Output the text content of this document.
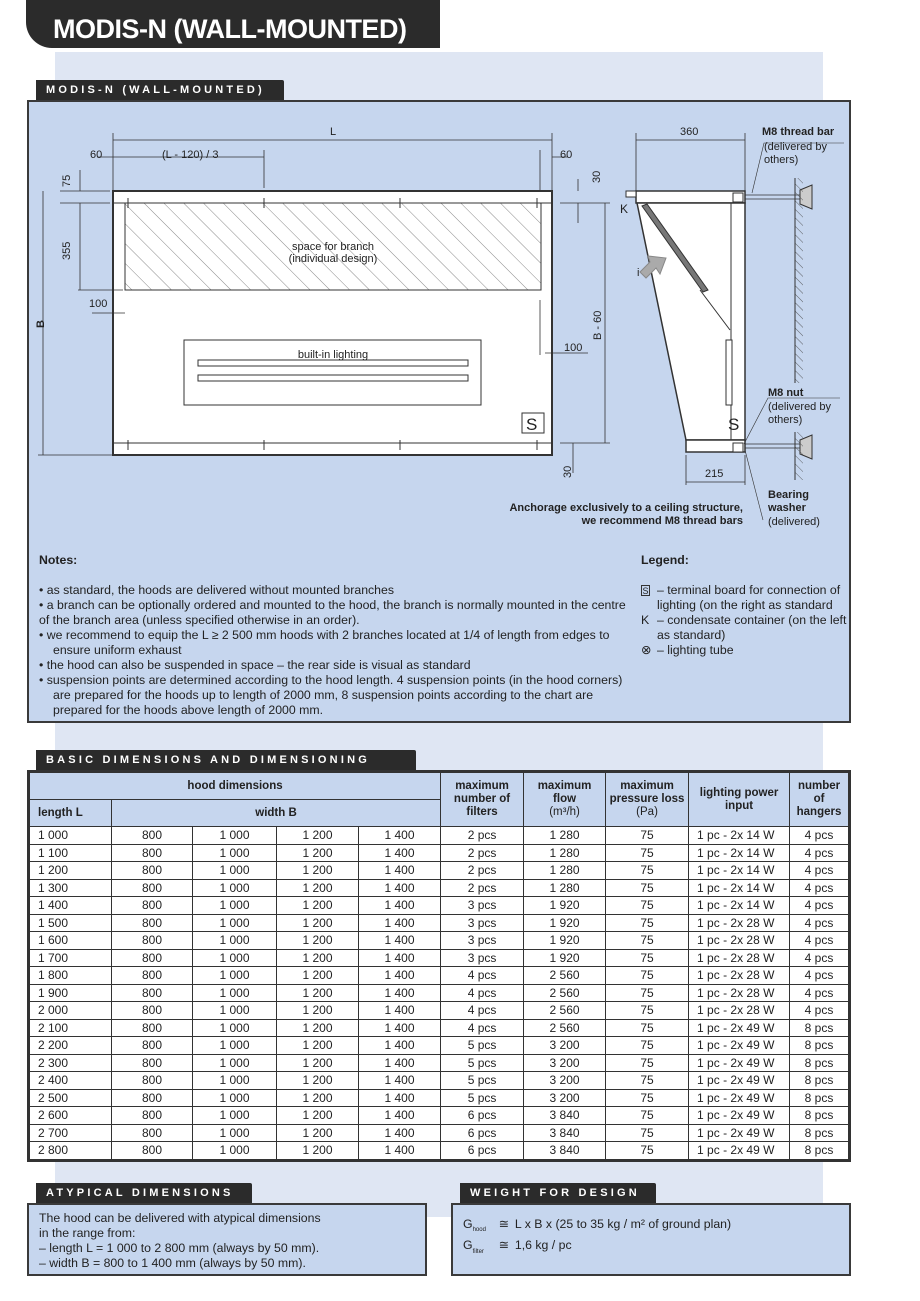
MODIS-N (WALL-MOUNTED)
MODIS-N (WALL-MOUNTED)
L
60	(L - 120) / 3	60
75
355
B
100
100
30
30
B - 60
space for branch
(individual design)
built-in lighting
S
360
215
K
i
S
M8 thread bar
(delivered by
others)
M8 nut
(delivered by
others)
Bearing
washer
(delivered)
Anchorage exclusively to a ceiling structure,
we recommend M8 thread bars
Notes:
• as standard, the hoods are delivered without mounted branches
• a branch can be optionally ordered and mounted to the hood, the branch is normally mounted in the centre of the branch area (unless specified otherwise in an order).
• we recommend to equip the L ≥ 2 500 mm hoods with 2 branches located at 1/4 of length from edges to ensure uniform exhaust
• the hood can also be suspended in space – the rear side is visual as standard
• suspension points are determined according to the hood length. 4 suspension points (in the hood corners) are prepared for the hoods up to length of 2000 mm, 8 suspension points according to the chart are prepared for the hoods above length of 2000 mm.
Legend:
S – terminal board for connection of lighting (on the right as standard
K – condensate container (on the left as standard)
⊗ – lighting tube
BASIC DIMENSIONS AND DIMENSIONING
hood dimensions					maximum number of filters	maximum flow
(m³/h)	maximum pressure loss
(Pa)	lighting power input	number of hangers
length L	width B								
1 000	800	1 000	1 200	1 400	2 pcs	1 280	75	1 pc - 2x 14 W	4 pcs
1 100	800	1 000	1 200	1 400	2 pcs	1 280	75	1 pc - 2x 14 W	4 pcs
1 200	800	1 000	1 200	1 400	2 pcs	1 280	75	1 pc - 2x 14 W	4 pcs
1 300	800	1 000	1 200	1 400	2 pcs	1 280	75	1 pc - 2x 14 W	4 pcs
1 400	800	1 000	1 200	1 400	3 pcs	1 920	75	1 pc - 2x 14 W	4 pcs
1 500	800	1 000	1 200	1 400	3 pcs	1 920	75	1 pc - 2x 28 W	4 pcs
1 600	800	1 000	1 200	1 400	3 pcs	1 920	75	1 pc - 2x 28 W	4 pcs
1 700	800	1 000	1 200	1 400	3 pcs	1 920	75	1 pc - 2x 28 W	4 pcs
1 800	800	1 000	1 200	1 400	4 pcs	2 560	75	1 pc - 2x 28 W	4 pcs
1 900	800	1 000	1 200	1 400	4 pcs	2 560	75	1 pc - 2x 28 W	4 pcs
2 000	800	1 000	1 200	1 400	4 pcs	2 560	75	1 pc - 2x 28 W	4 pcs
2 100	800	1 000	1 200	1 400	4 pcs	2 560	75	1 pc - 2x 49 W	8 pcs
2 200	800	1 000	1 200	1 400	5 pcs	3 200	75	1 pc - 2x 49 W	8 pcs
2 300	800	1 000	1 200	1 400	5 pcs	3 200	75	1 pc - 2x 49 W	8 pcs
2 400	800	1 000	1 200	1 400	5 pcs	3 200	75	1 pc - 2x 49 W	8 pcs
2 500	800	1 000	1 200	1 400	5 pcs	3 200	75	1 pc - 2x 49 W	8 pcs
2 600	800	1 000	1 200	1 400	6 pcs	3 840	75	1 pc - 2x 49 W	8 pcs
2 700	800	1 000	1 200	1 400	6 pcs	3 840	75	1 pc - 2x 49 W	8 pcs
2 800	800	1 000	1 200	1 400	6 pcs	3 840	75	1 pc - 2x 49 W	8 pcs
ATYPICAL DIMENSIONS
The hood can be delivered with atypical dimensions
in the range from:
– length L = 1 000 to 2 800 mm (always by 50 mm).
– width B = 800 to 1 400 mm (always by 50 mm).
WEIGHT FOR DESIGN
$G_{hood}$ ≅ L x B x (25 to 35 kg / m² of ground plan)
$G_{filter}$ ≅ 1,6 kg / pc
